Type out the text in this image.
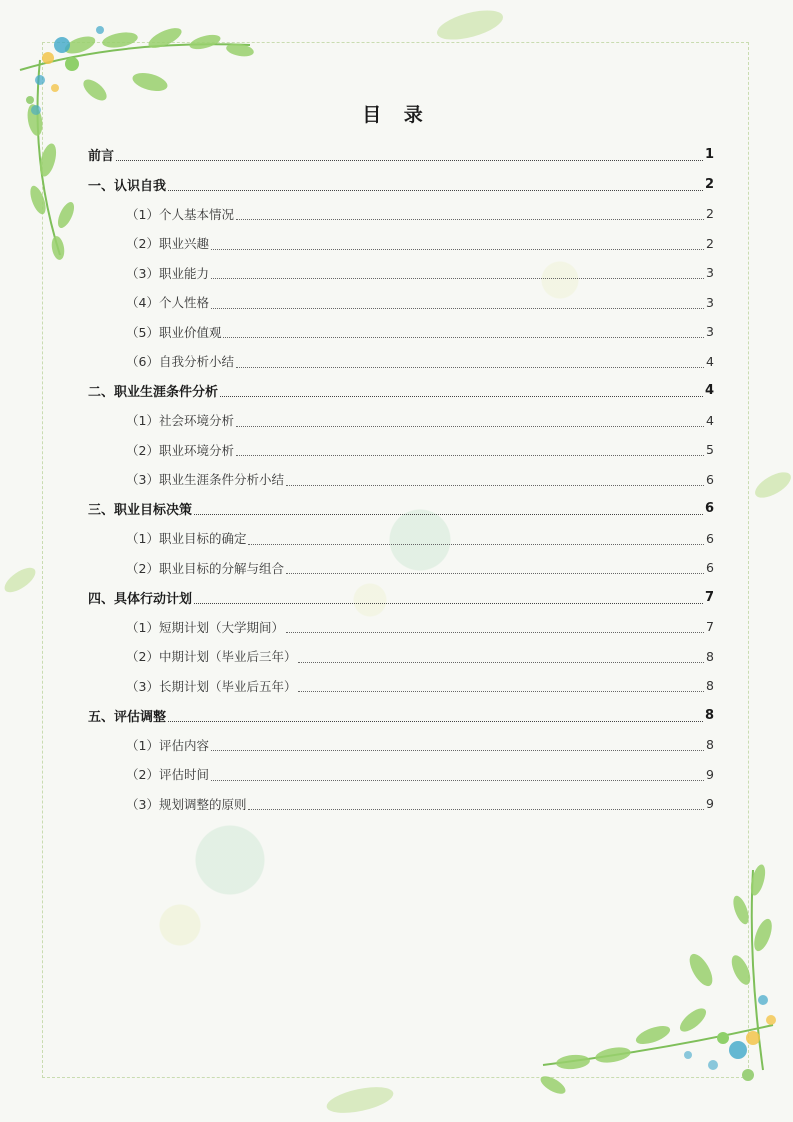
目 录
前言	1
一、认识自我	2
（1）个人基本情况	2
（2）职业兴趣	2
（3）职业能力	3
（4）个人性格	3
（5）职业价值观	3
（6）自我分析小结	4
二、职业生涯条件分析	4
（1）社会环境分析	4
（2）职业环境分析	5
（3）职业生涯条件分析小结	6
三、职业目标决策	6
（1）职业目标的确定	6
（2）职业目标的分解与组合	6
四、具体行动计划	7
（1）短期计划（大学期间）	7
（2）中期计划（毕业后三年）	8
（3）长期计划（毕业后五年）	8
五、评估调整	8
（1）评估内容	8
（2）评估时间	9
（3）规划调整的原则	9
